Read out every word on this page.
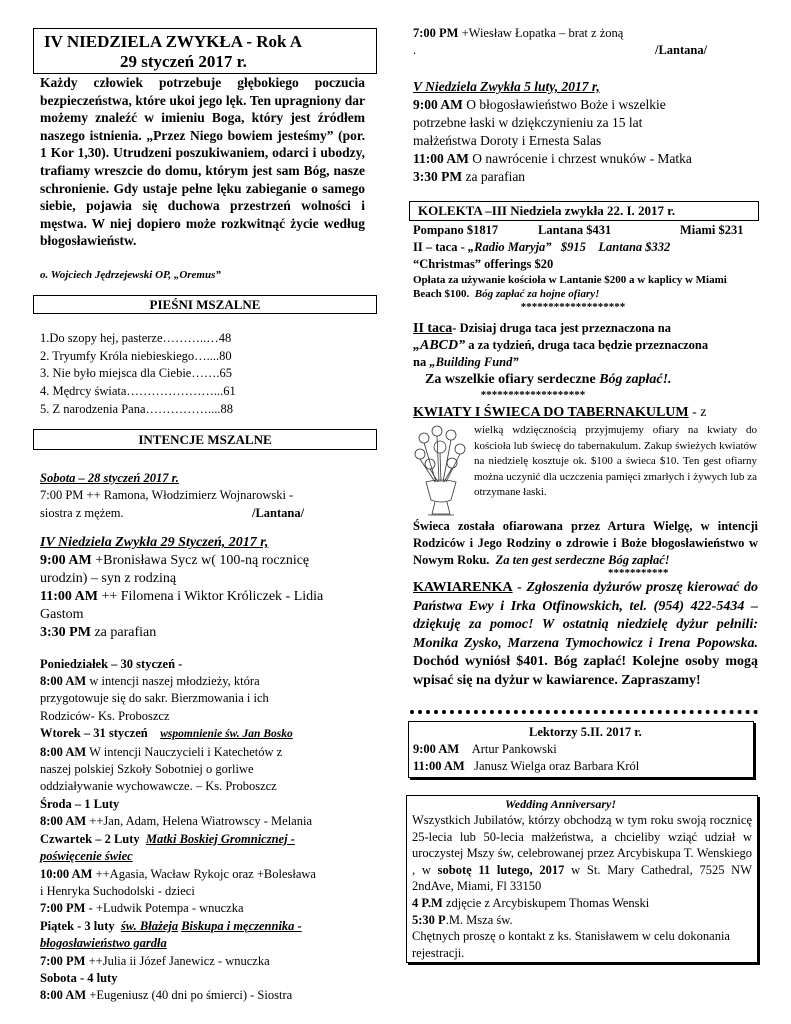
IV NIEDZIELA ZWYKŁA - Rok A
29 styczeń 2017 r.
Każdy człowiek potrzebuje głębokiego poczucia bezpieczeństwa, które ukoi jego lęk. Ten upragniony dar możemy znaleźć w imieniu Boga, który jest źródłem naszego istnienia. „Przez Niego bowiem jesteśmy” (por. 1 Kor 1,30). Utrudzeni poszukiwaniem, odarci i ubodzy, trafiamy wreszcie do domu, którym jest sam Bóg, nasze schronienie. Gdy ustaje pełne lęku zabieganie o samego siebie, pojawia się duchowa przestrzeń wolności i męstwa. W niej dopiero może rozkwitnąć życie według błogosławieństw.
o. Wojciech Jędrzejewski OP, „Oremus”
PIEŚNI MSZALNE
1.Do szopy hej, pasterze………..…48
2. Tryumfy Króla niebieskiego…....80
3. Nie było miejsca dla Ciebie…….65
4. Mędrcy świata…………………...61
5. Z narodzenia Pana……………....88
INTENCJE MSZALNE
Sobota – 28 styczeń 2017 r.
7:00 PM ++ Ramona, Włodzimierz Wojnarowski -
siostra z mężem.	/Lantana/
IV Niedziela Zwykła 29 Styczeń, 2017 r,
9:00 AM +Bronisława Sycz w( 100-ną rocznicę
urodzin) – syn z rodziną
11:00 AM ++ Filomena i Wiktor Króliczek - Lidia
Gastom
3:30 PM za parafian
Poniedziałek – 30 styczeń -
8:00 AM w intencji naszej młodzieży, która
przygotowuje się do sakr. Bierzmowania i ich
Rodziców- Ks. Proboszcz
Wtorek – 31 styczeń wspomnienie św. Jan Bosko
8:00 AM W intencji Nauczycieli i Katechetów z
naszej polskiej Szkoły Sobotniej o gorliwe
oddziaływanie wychowawcze. – Ks. Proboszcz
Środa – 1 Luty
8:00 AM ++Jan, Adam, Helena Wiatrowscy - Melania
Czwartek – 2 Luty Matki Boskiej Gromnicznej -
poświęcenie świec
10:00 AM ++Agasia, Wacław Rykojc oraz +Bolesława
i Henryka Suchodolski - dzieci
7:00 PM - +Ludwik Potempa - wnuczka
Piątek - 3 luty św. Błażeja Biskupa i męczennika -
błogosławieństwo gardła
7:00 PM ++Julia ii Józef Janewicz - wnuczka
Sobota - 4 luty
8:00 AM +Eugeniusz (40 dni po śmierci) - Siostra
7:00 PM +Wiesław Łopatka – brat z żoną
.	/Lantana/
V Niedziela Zwykła 5 luty, 2017 r,
9:00 AM O błogosławieństwo Boże i wszelkie
potrzebne łaski w dziękczynieniu za 15 lat
małżeństwa Doroty i Ernesta Salas
11:00 AM O nawrócenie i chrzest wnuków - Matka
3:30 PM za parafian
KOLEKTA –III Niedziela zwykła 22. I. 2017 r.
Pompano $1817	Lantana $431	Miami $231
II – taca - „Radio Maryja” $915 Lantana $332
“Christmas” offerings $20
Opłata za używanie kościoła w Lantanie $200 a w kaplicy w Miami Beach $100. Bóg zapłać za hojne ofiary!
*******************
II taca- Dzisiaj druga taca jest przeznaczona na
„ABCD” a za tydzień, druga taca będzie przeznaczona
na „Building Fund”
Za wszelkie ofiary serdeczne Bóg zapłać!.
*******************
KWIATY I ŚWIECA DO TABERNAKULUM - z
wielką wdzięcznością przyjmujemy ofiary na kwiaty do kościoła lub świecę do tabernakulum. Zakup świeżych kwiatów na niedzielę kosztuje ok. $100 a świeca $10. Ten gest ofiarny można uczynić dla uczczenia pamięci zmarłych i żywych lub za otrzymane łaski.
Świeca została ofiarowana przez Artura Wielgę, w intencji Rodziców i Jego Rodziny o zdrowie i Boże błogosławieństwo w Nowym Roku. Za ten gest serdeczne Bóg zapłać!
***********
KAWIARENKA - Zgłoszenia dyżurów proszę kierować do Państwa Ewy i Irka Otfinowskich, tel. (954) 422-5434 – dziękuję za pomoc! W ostatnią niedzielę dyżur pełnili: Monika Zysko, Marzena Tymochowicz i Irena Popowska. Dochód wyniósł $401. Bóg zapłać! Kolejne osoby mogą wpisać się na dyżur w kawiarence. Zapraszamy!
Lektorzy 5.II. 2017 r.
9:00 AM Artur Pankowski
11:00 AM Janusz Wielga oraz Barbara Król
Wedding Anniversary!
Wszystkich Jubilatów, którzy obchodzą w tym roku swoją rocznicę 25-lecia lub 50-lecia małżeństwa, a chcieliby wziąć udział w uroczystej Mszy św, celebrowanej przez Arcybiskupa T. Wenskiego , w sobotę 11 lutego, 2017 w St. Mary Cathedral, 7525 NW 2ndAve, Miami, Fl 33150
4 P.M zdjęcie z Arcybiskupem Thomas Wenski
5:30 P.M. Msza św.
Chętnych proszę o kontakt z ks. Stanisławem w celu dokonania rejestracji.
